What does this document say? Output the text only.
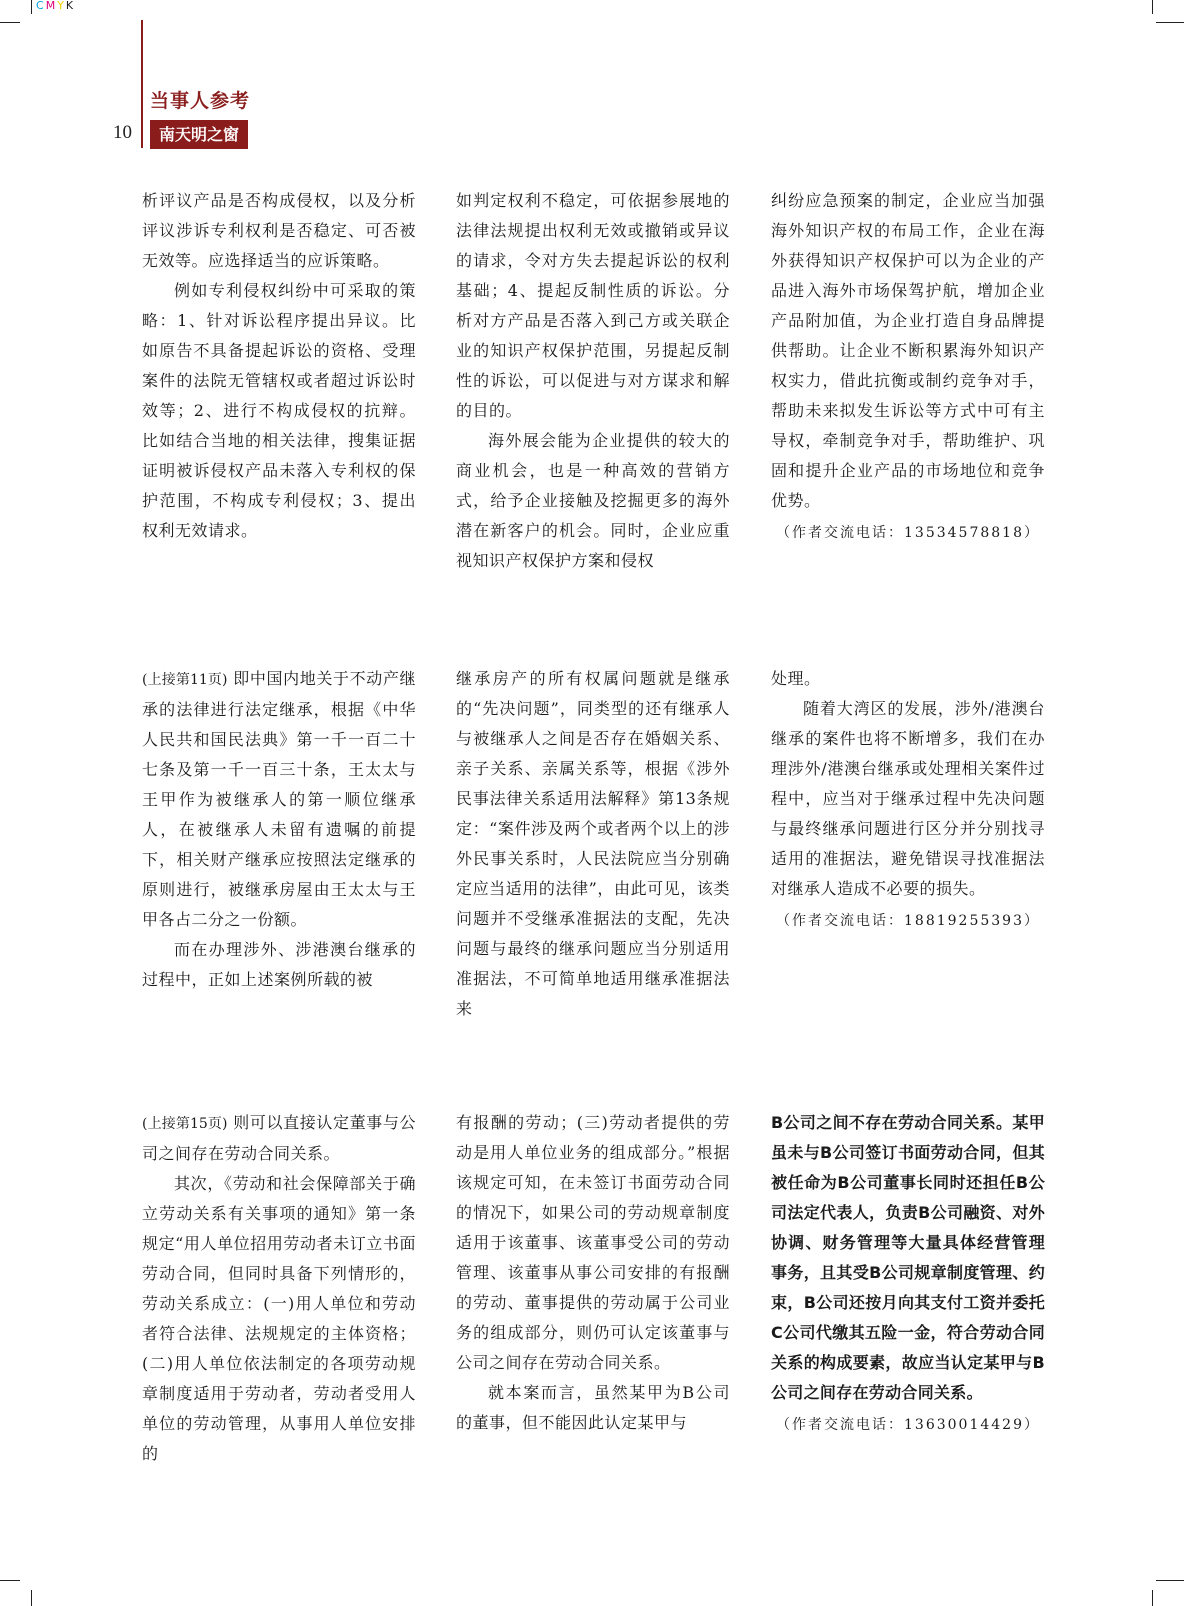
CMYK
当事人参考
10	南天明之窗

析评议产品是否构成侵权，以及分析评议涉诉专利权利是否稳定、可否被无效等。应选择适当的应诉策略。

例如专利侵权纠纷中可采取的策略：1、针对诉讼程序提出异议。比如原告不具备提起诉讼的资格、受理案件的法院无管辖权或者超过诉讼时效等；2、进行不构成侵权的抗辩。比如结合当地的相关法律，搜集证据证明被诉侵权产品未落入专利权的保护范围，不构成专利侵权；3、提出权利无效请求。

如判定权利不稳定，可依据参展地的法律法规提出权利无效或撤销或异议的请求，令对方失去提起诉讼的权利基础；4、提起反制性质的诉讼。分析对方产品是否落入到己方或关联企业的知识产权保护范围，另提起反制性的诉讼，可以促进与对方谋求和解的目的。

海外展会能为企业提供的较大的商业机会，也是一种高效的营销方式，给予企业接触及挖掘更多的海外潜在新客户的机会。同时，企业应重视知识产权保护方案和侵权

纠纷应急预案的制定，企业应当加强海外知识产权的布局工作，企业在海外获得知识产权保护可以为企业的产品进入海外市场保驾护航，增加企业产品附加值，为企业打造自身品牌提供帮助。让企业不断积累海外知识产权实力，借此抗衡或制约竞争对手，帮助未来拟发生诉讼等方式中可有主导权，牵制竞争对手，帮助维护、巩固和提升企业产品的市场地位和竞争优势。

（作者交流电话：13534578818）

(上接第11页) 即中国内地关于不动产继承的法律进行法定继承，根据《中华人民共和国民法典》第一千一百二十七条及第一千一百三十条，王太太与王甲作为被继承人的第一顺位继承人，在被继承人未留有遗嘱的前提下，相关财产继承应按照法定继承的原则进行，被继承房屋由王太太与王甲各占二分之一份额。

而在办理涉外、涉港澳台继承的过程中，正如上述案例所载的被

继承房产的所有权属问题就是继承的“先决问题”，同类型的还有继承人与被继承人之间是否存在婚姻关系、亲子关系、亲属关系等，根据《涉外民事法律关系适用法解释》第13条规定：“案件涉及两个或者两个以上的涉外民事关系时，人民法院应当分别确定应当适用的法律”，由此可见，该类问题并不受继承准据法的支配，先决问题与最终的继承问题应当分别适用准据法，不可简单地适用继承准据法来

处理。

随着大湾区的发展，涉外/港澳台继承的案件也将不断增多，我们在办理涉外/港澳台继承或处理相关案件过程中，应当对于继承过程中先决问题与最终继承问题进行区分并分别找寻适用的准据法，避免错误寻找准据法对继承人造成不必要的损失。

（作者交流电话：18819255393）

(上接第15页) 则可以直接认定董事与公司之间存在劳动合同关系。

其次，《劳动和社会保障部关于确立劳动关系有关事项的通知》第一条规定“用人单位招用劳动者未订立书面劳动合同，但同时具备下列情形的，劳动关系成立：(一)用人单位和劳动者符合法律、法规规定的主体资格；(二)用人单位依法制定的各项劳动规章制度适用于劳动者，劳动者受用人单位的劳动管理，从事用人单位安排的

有报酬的劳动；(三)劳动者提供的劳动是用人单位业务的组成部分。”根据该规定可知，在未签订书面劳动合同的情况下，如果公司的劳动规章制度适用于该董事、该董事受公司的劳动管理、该董事从事公司安排的有报酬的劳动、董事提供的劳动属于公司业务的组成部分，则仍可认定该董事与公司之间存在劳动合同关系。

就本案而言，虽然某甲为B公司的董事，但不能因此认定某甲与

B公司之间不存在劳动合同关系。某甲虽未与B公司签订书面劳动合同，但其被任命为B公司董事长同时还担任B公司法定代表人，负责B公司融资、对外协调、财务管理等大量具体经营管理事务，且其受B公司规章制度管理、约束，B公司还按月向其支付工资并委托C公司代缴其五险一金，符合劳动合同关系的构成要素，故应当认定某甲与B公司之间存在劳动合同关系。

（作者交流电话：13630014429）
